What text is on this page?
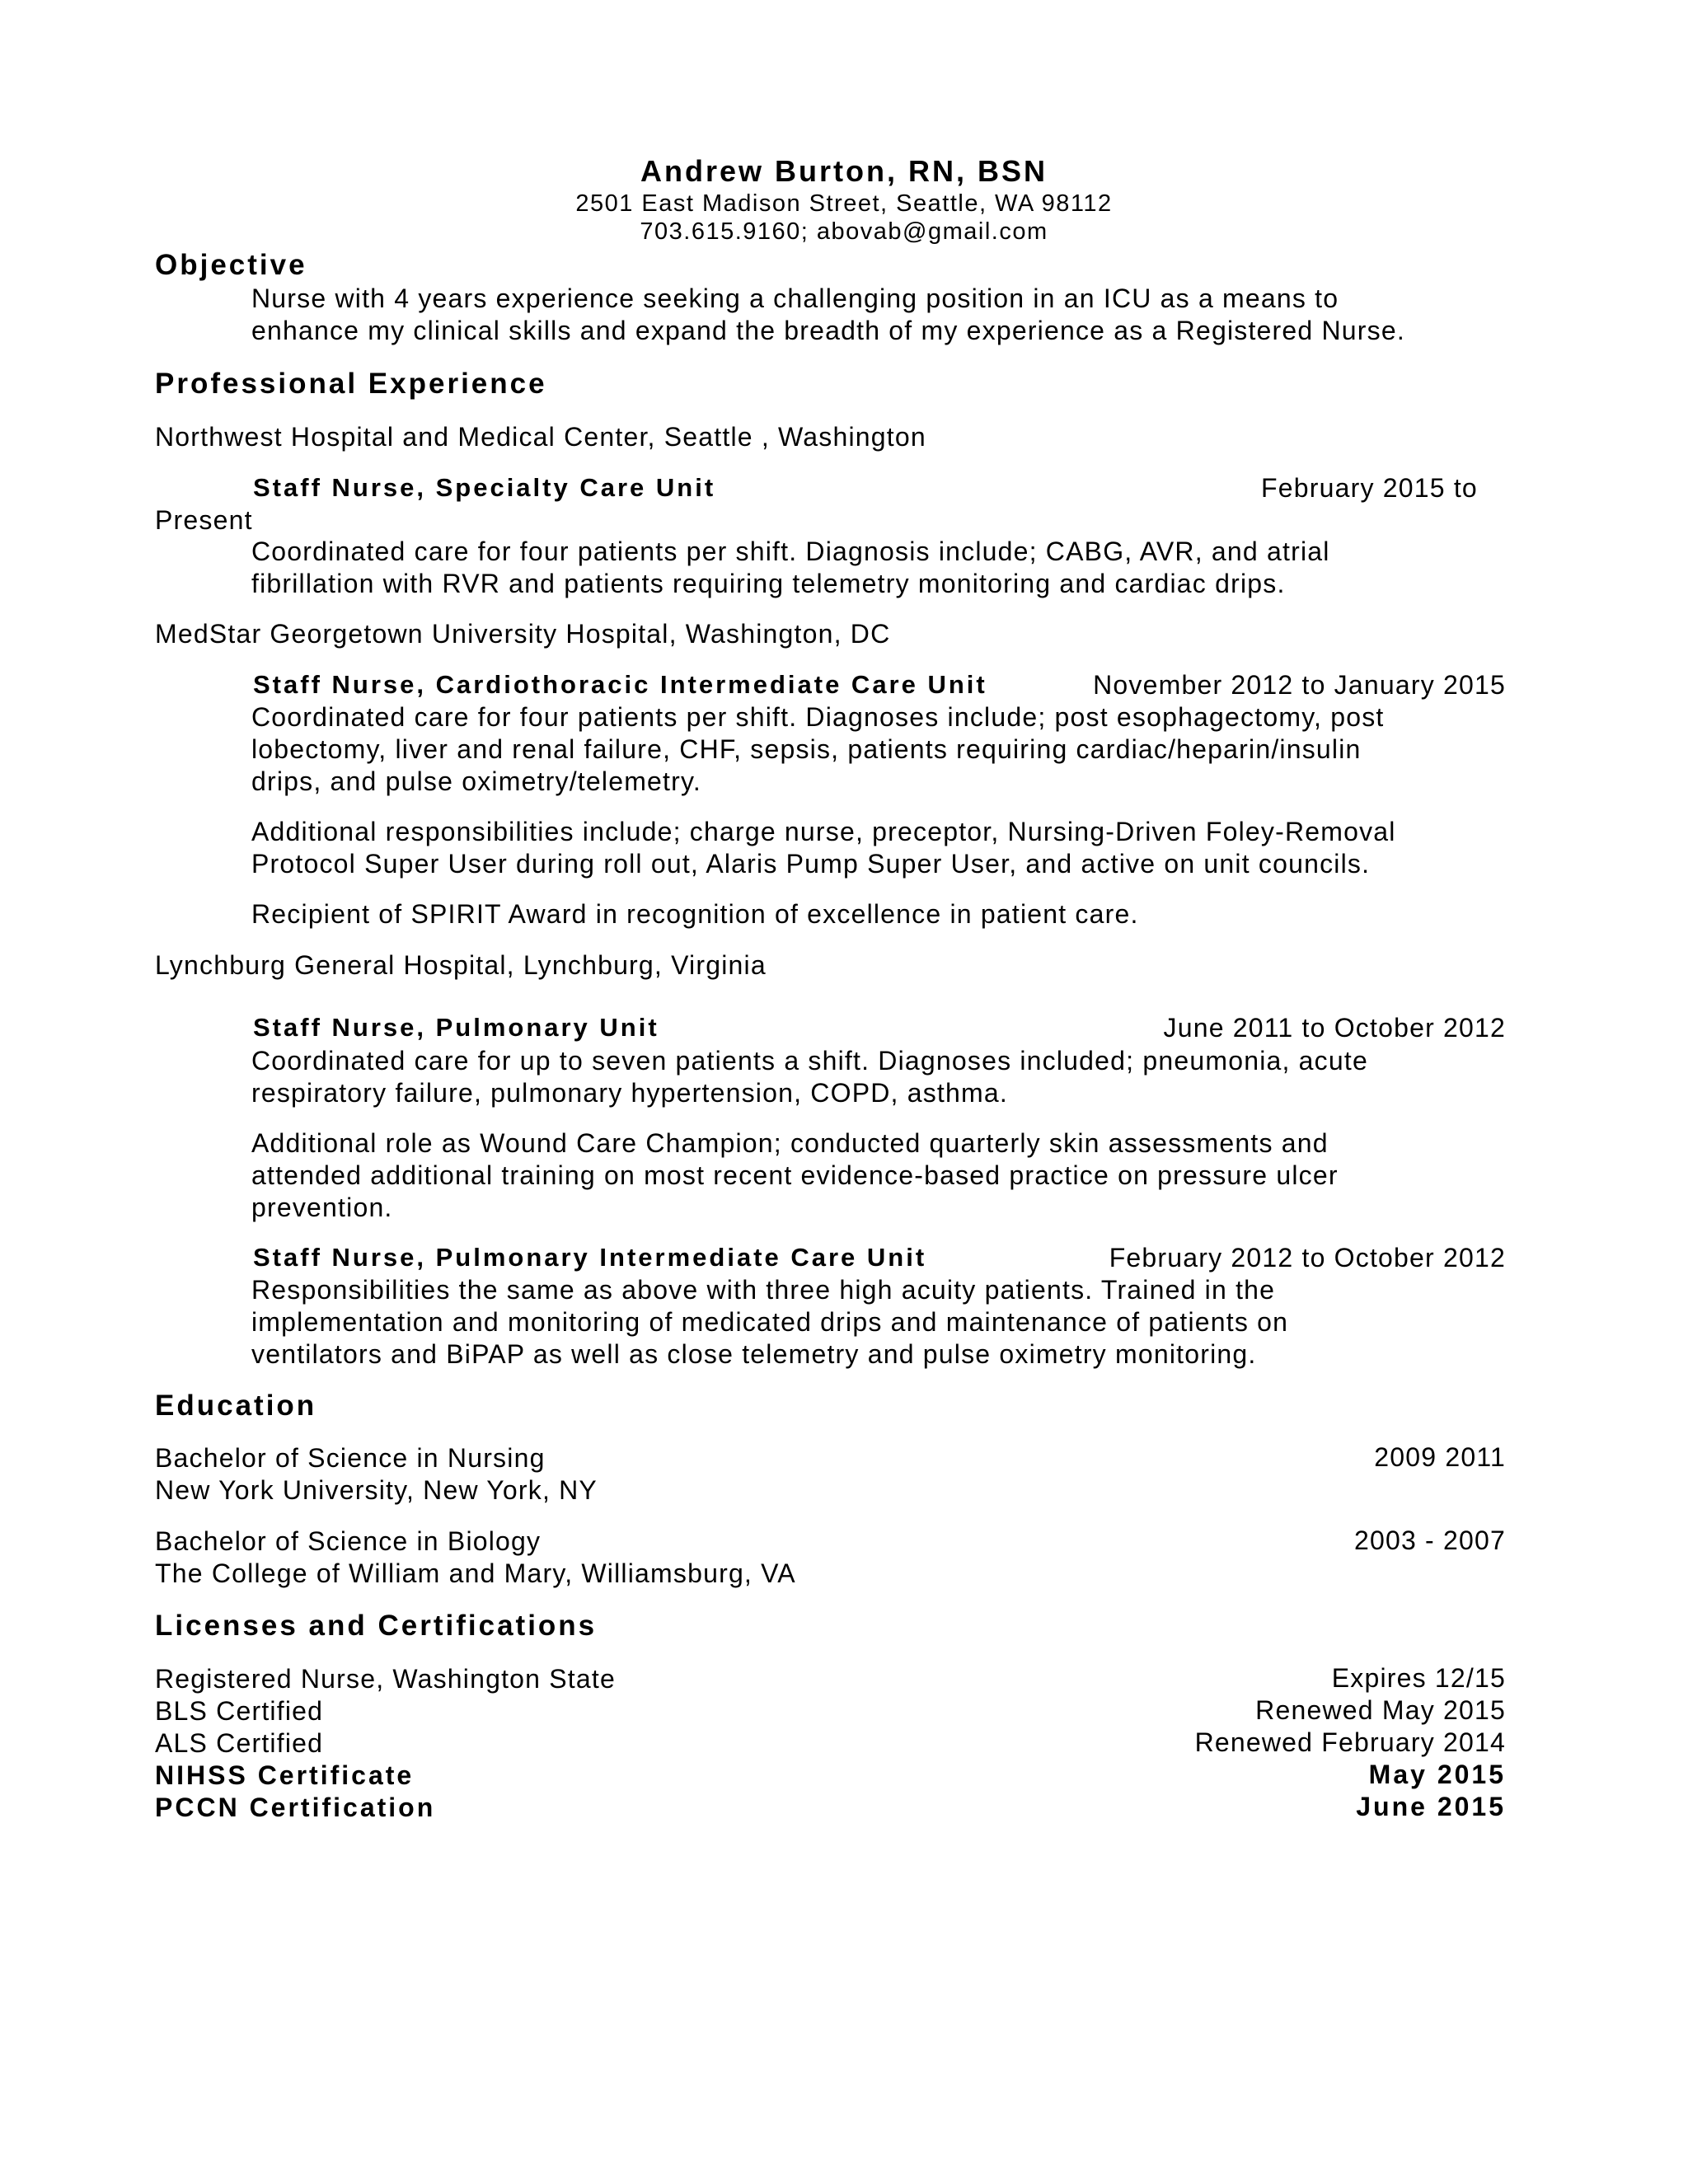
Andrew Burton, RN, BSN
2501 East Madison Street, Seattle, WA 98112
703.615.9160; abovab@gmail.com
Objective
Nurse with 4 years experience seeking a challenging position in an ICU as a means to
enhance my clinical skills and expand the breadth of my experience as a Registered Nurse.
Professional Experience
Northwest Hospital and Medical Center, Seattle , Washington
Staff Nurse, Specialty Care Unit	February 2015 to
Present
Coordinated care for four patients per shift. Diagnosis include; CABG, AVR, and atrial
fibrillation with RVR and patients requiring telemetry monitoring and cardiac drips.
MedStar Georgetown University Hospital, Washington, DC
Staff Nurse, Cardiothoracic Intermediate Care Unit	November 2012 to January 2015
Coordinated care for four patients per shift. Diagnoses include; post esophagectomy, post
lobectomy, liver and renal failure, CHF, sepsis, patients requiring cardiac/heparin/insulin
drips, and pulse oximetry/telemetry.
Additional responsibilities include; charge nurse, preceptor, Nursing-Driven Foley-Removal
Protocol Super User during roll out, Alaris Pump Super User, and active on unit councils.
Recipient of SPIRIT Award in recognition of excellence in patient care.
Lynchburg General Hospital, Lynchburg, Virginia
Staff Nurse, Pulmonary Unit	June 2011 to October 2012
Coordinated care for up to seven patients a shift. Diagnoses included; pneumonia, acute
respiratory failure, pulmonary hypertension, COPD, asthma.
Additional role as Wound Care Champion; conducted quarterly skin assessments and
attended additional training on most recent evidence-based practice on pressure ulcer
prevention.
Staff Nurse, Pulmonary Intermediate Care Unit	February 2012 to October 2012
Responsibilities the same as above with three high acuity patients. Trained in the
implementation and monitoring of medicated drips and maintenance of patients on
ventilators and BiPAP as well as close telemetry and pulse oximetry monitoring.
Education
Bachelor of Science in Nursing	2009 2011
New York University, New York, NY
Bachelor of Science in Biology	2003 - 2007
The College of William and Mary, Williamsburg, VA
Licenses and Certifications
Registered Nurse, Washington State	Expires 12/15
BLS Certified	Renewed May 2015
ALS Certified	Renewed February 2014
NIHSS Certificate	May 2015
PCCN Certification	June 2015
